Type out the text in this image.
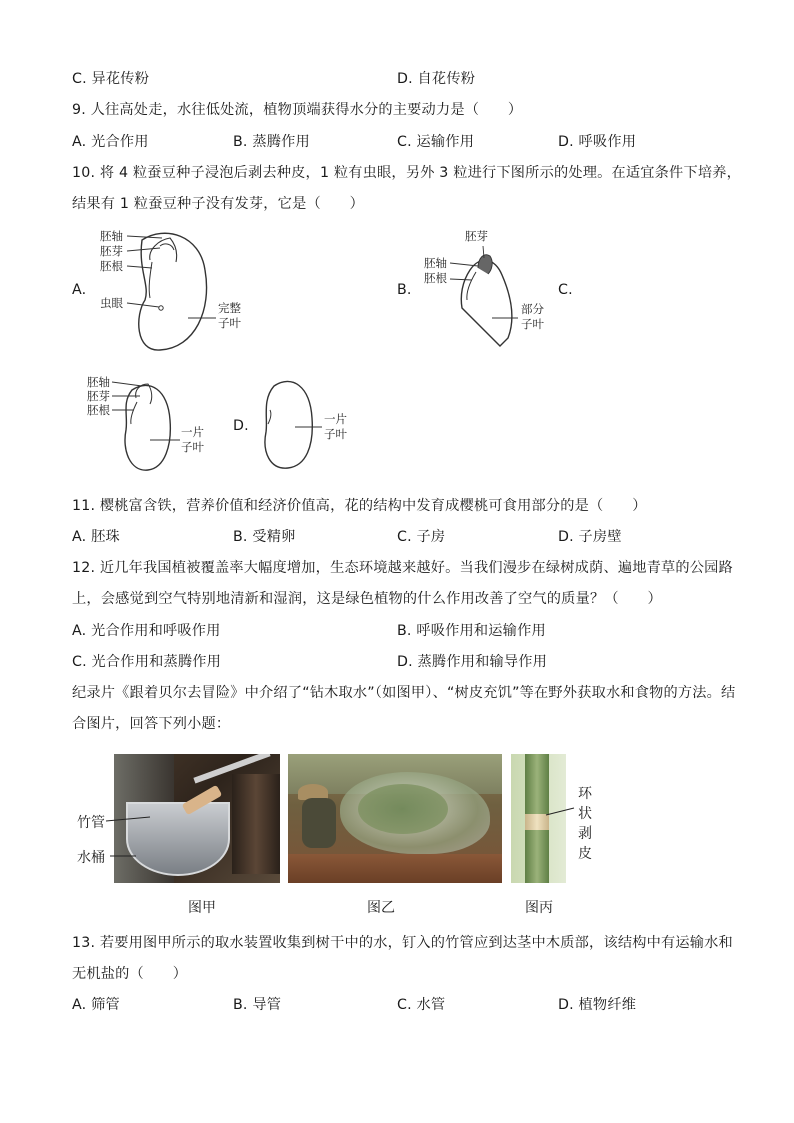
C. 异花传粉	D. 自花传粉
9. 人往高处走，水往低处流，植物顶端获得水分的主要动力是（　　）
A. 光合作用	B. 蒸腾作用	C. 运输作用	D. 呼吸作用
10. 将 4 粒蚕豆种子浸泡后剥去种皮，1 粒有虫眼，另外 3 粒进行下图所示的处理。在适宜条件下培养，
结果有 1 粒蚕豆种子没有发芽，它是（　　）
A.
胚轴
胚芽
胚根
虫眼	完整
子叶
B.
胚芽
胚轴
胚根
部分
子叶
C.
胚轴
胚芽
胚根
一片
子叶
D.	一片
子叶
11. 樱桃富含铁，营养价值和经济价值高，花的结构中发育成樱桃可食用部分的是（　　）
A. 胚珠	B. 受精卵	C. 子房	D. 子房壁
12. 近几年我国植被覆盖率大幅度增加，生态环境越来越好。当我们漫步在绿树成荫、遍地青草的公园路
上，会感觉到空气特别地清新和湿润，这是绿色植物的什么作用改善了空气的质量？（　　）
A. 光合作用和呼吸作用	B. 呼吸作用和运输作用
C. 光合作用和蒸腾作用	D. 蒸腾作用和输导作用
纪录片《跟着贝尔去冒险》中介绍了“钻木取水”（如图甲）、“树皮充饥”等在野外获取水和食物的方法。结
合图片，回答下列小题：
竹管
水桶
图甲	图乙
环
状
剥
皮
图丙
13. 若要用图甲所示的取水装置收集到树干中的水，钉入的竹管应到达茎中木质部，该结构中有运输水和
无机盐的（　　）
A. 筛管	B. 导管	C. 水管	D. 植物纤维
